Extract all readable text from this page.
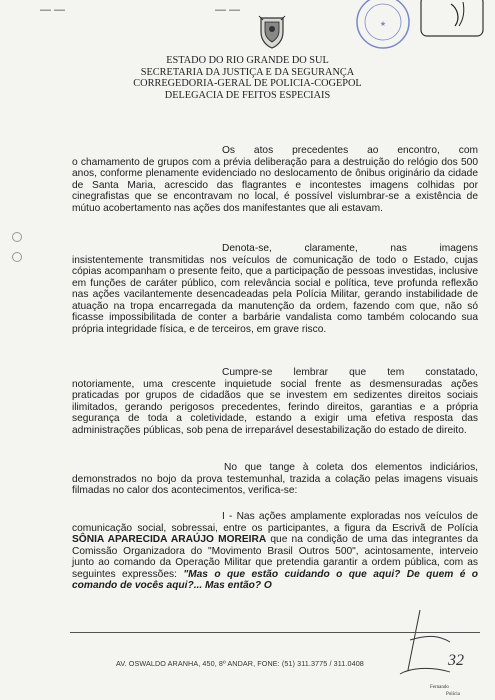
— —	— —
★
ESTADO DO RIO GRANDE DO SUL
SECRETARIA DA JUSTIÇA E DA SEGURANÇA
CORREGEDORIA-GERAL DE POLICIA-COGEPOL
DELEGACIA DE FEITOS ESPECIAIS

Os atos precedentes ao encontro, com o chamamento de grupos com a prévia deliberação para a destruição do relógio dos 500 anos, conforme plenamente evidenciado no deslocamento de ônibus originário da cidade de Santa Maria, acrescido das flagrantes e incontestes imagens colhidas por cinegrafistas que se encontravam no local, é possível vislumbrar-se a existência de mútuo acobertamento nas ações dos manifestantes que ali estavam.

Denota-se, claramente, nas imagens insistentemente transmitidas nos veículos de comunicação de todo o Estado, cujas cópias acompanham o presente feito, que a participação de pessoas investidas, inclusive em funções de caráter público, com relevância social e política, teve profunda reflexão nas ações vacilantemente desencadeadas pela Polícia Militar, gerando instabilidade de atuação na tropa encarregada da manutenção da ordem, fazendo com que, não só ficasse impossibilitada de conter a barbárie vandalista como também colocando sua própria integridade física, e de terceiros, em grave risco.

Cumpre-se lembrar que tem constatado, notoriamente, uma crescente inquietude social frente as desmensuradas ações praticadas por grupos de cidadãos que se investem em sedizentes direitos sociais ilimitados, gerando perigosos precedentes, ferindo direitos, garantias e a própria segurança de toda a coletividade, estando a exigir uma efetiva resposta das administrações públicas, sob pena de irreparável desestabilização do estado de direito.

No que tange à coleta dos elementos indiciários, demonstrados no bojo da prova testemunhal, trazida a colação pelas imagens visuais filmadas no calor dos acontecimentos, verifica-se:

I - Nas ações amplamente exploradas nos veículos de comunicação social, sobressai, entre os participantes, a figura da Escrivã de Polícia SÔNIA APARECIDA ARAÚJO MOREIRA que na condição de uma das integrantes da Comissão Organizadora do "Movimento Brasil Outros 500", acintosamente, interveio junto ao comando da Operação Militar que pretendia garantir a ordem pública, com as seguintes expressões: "Mas o que estão cuidando o que aqui? De quem é o comando de vocês aqui?... Mas então? O

Fernando
Polícia
AV. OSWALDO ARANHA, 450, 8º ANDAR, FONE: (51) 311.3775 / 311.0408	32
